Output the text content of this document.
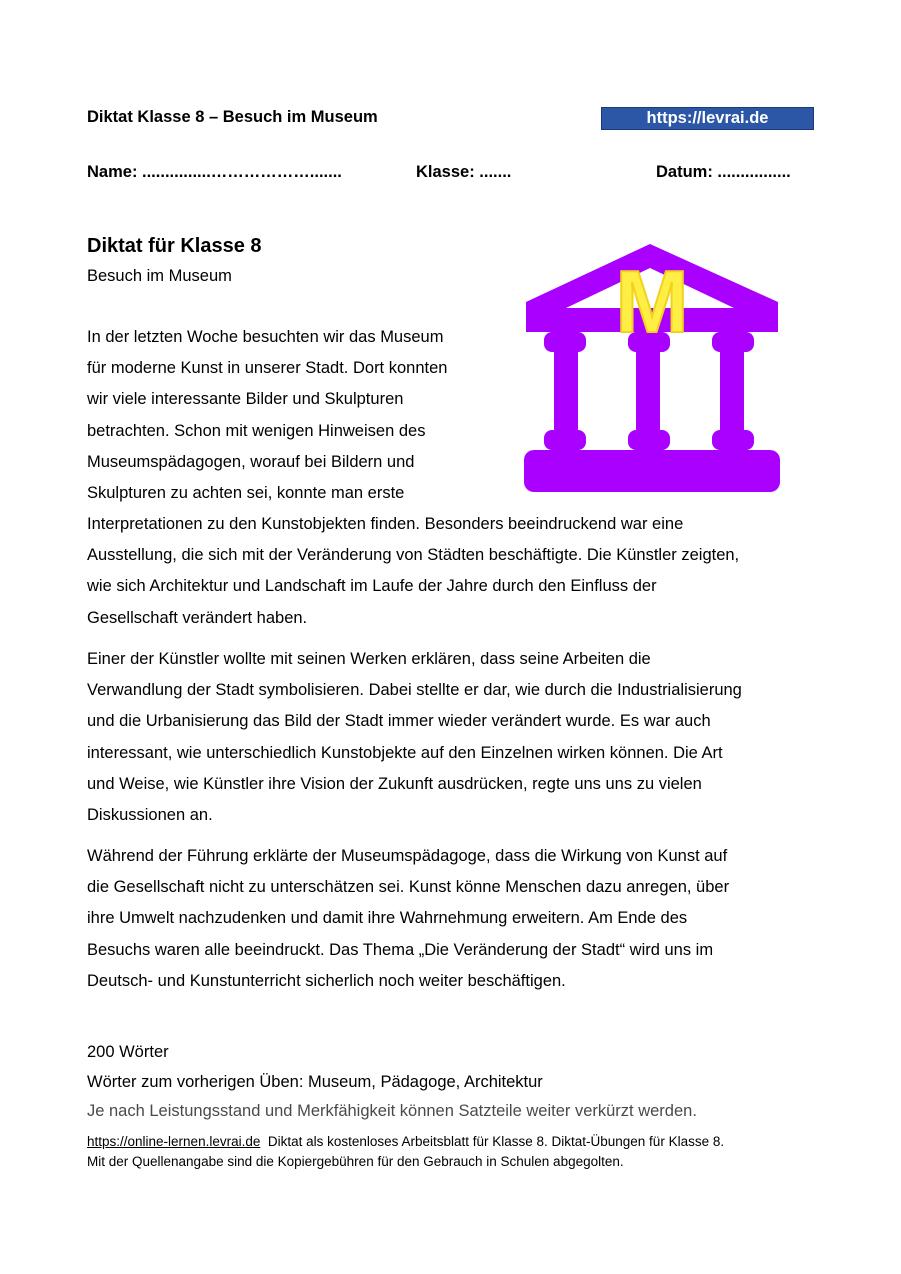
Diktat Klasse 8 – Besuch im Museum	https://levrai.de
Name: ...............……………….......	Klasse: .......	Datum: ................
Diktat für Klasse 8
Besuch im Museum	M
In der letzten Woche besuchten wir das Museum
für moderne Kunst in unserer Stadt. Dort konnten
wir viele interessante Bilder und Skulpturen
betrachten. Schon mit wenigen Hinweisen des
Museumspädagogen, worauf bei Bildern und
Skulpturen zu achten sei, konnte man erste
Interpretationen zu den Kunstobjekten finden. Besonders beeindruckend war eine
Ausstellung, die sich mit der Veränderung von Städten beschäftigte. Die Künstler zeigten,
wie sich Architektur und Landschaft im Laufe der Jahre durch den Einfluss der
Gesellschaft verändert haben.
Einer der Künstler wollte mit seinen Werken erklären, dass seine Arbeiten die
Verwandlung der Stadt symbolisieren. Dabei stellte er dar, wie durch die Industrialisierung
und die Urbanisierung das Bild der Stadt immer wieder verändert wurde. Es war auch
interessant, wie unterschiedlich Kunstobjekte auf den Einzelnen wirken können. Die Art
und Weise, wie Künstler ihre Vision der Zukunft ausdrücken, regte uns uns zu vielen
Diskussionen an.
Während der Führung erklärte der Museumspädagoge, dass die Wirkung von Kunst auf
die Gesellschaft nicht zu unterschätzen sei. Kunst könne Menschen dazu anregen, über
ihre Umwelt nachzudenken und damit ihre Wahrnehmung erweitern. Am Ende des
Besuchs waren alle beeindruckt. Das Thema „Die Veränderung der Stadt“ wird uns im
Deutsch- und Kunstunterricht sicherlich noch weiter beschäftigen.
200 Wörter
Wörter zum vorherigen Üben: Museum, Pädagoge, Architektur
Je nach Leistungsstand und Merkfähigkeit können Satzteile weiter verkürzt werden.
https://online-lernen.levrai.de Diktat als kostenloses Arbeitsblatt für Klasse 8. Diktat-Übungen für Klasse 8.
Mit der Quellenangabe sind die Kopiergebühren für den Gebrauch in Schulen abgegolten.
